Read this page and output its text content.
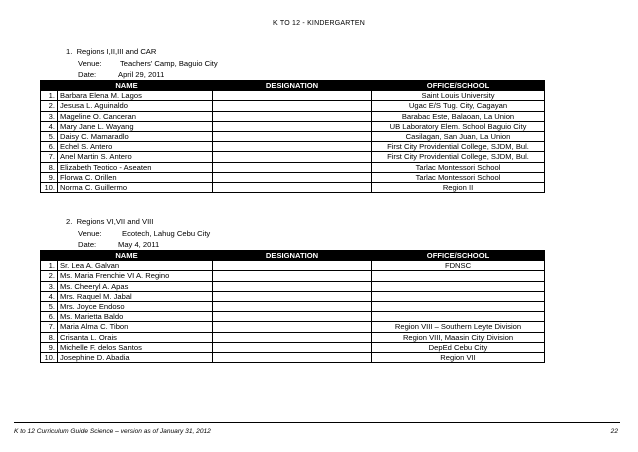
K TO 12 - KINDERGARTEN
1. Regions I,II,III and CAR
Venue: Teachers' Camp, Baguio City
Date:	April 29, 2011
NAME		DESIGNATION	OFFICE/SCHOOL
1.	Barbara Elena M. Lagos		Saint Louis University
2.	Jesusa L. Aguinaldo		Ugac E/S Tug. City, Cagayan
3.	Mageline O. Canceran		Barabac Este, Balaoan, La Union
4.	Mary Jane L. Wayang		UB Laboratory Elem. School Baguio City
5.	Daisy C. Mamaradlo		Casilagan, San Juan, La Union
6.	Echel S. Antero		First City Providential College, SJDM, Bul.
7.	Anel Martin S. Antero		First City Providential College, SJDM, Bul.
8.	Elizabeth Teotico - Aseaten		Tarlac Montessori School
9.	Florwa C. Orillen		Tarlac Montessori School
10.	Norma C. Guillermo		Region II
2. Regions VI,VII and VIII
Venue:	Ecotech, Lahug Cebu City
Date:	May 4, 2011
NAME		DESIGNATION	OFFICE/SCHOOL
1.	Sr. Lea A. Galvan		FDNSC
2.	Ms. Maria Frenchie VI A. Regino		
3.	Ms. Cheeryl A. Apas		
4.	Mrs. Raquel M. Jabal		
5.	Mrs. Joyce Endoso		
6.	Ms. Marietta Baldo		
7.	Maria Alma C. Tibon		Region VIII – Southern Leyte Division
8.	Crisanta L. Orais		Region VIII, Maasin City Division
9.	Michelle F. delos Santos		DepEd Cebu City
10.	Josephine D. Abadia		Region VII
K to 12 Curriculum Guide Science – version as of January 31, 2012	22
